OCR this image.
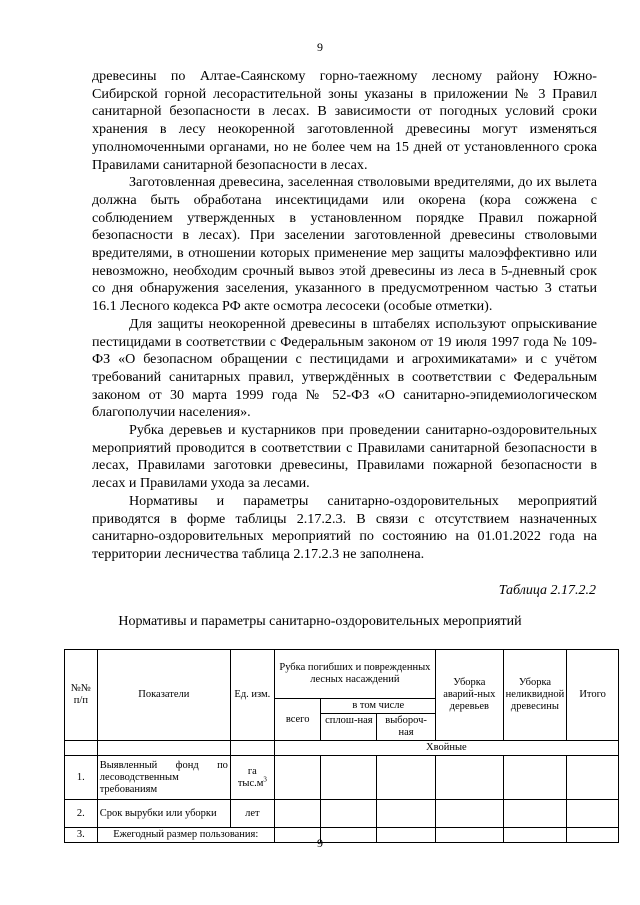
9

древесины по Алтае-Саянскому горно-таежному лесному району Южно-Сибирской горной лесорастительной зоны указаны в приложении № 3 Правил санитарной безопасности в лесах. В зависимости от погодных условий сроки хранения в лесу неокоренной заготовленной древесины могут изменяться уполномоченными органами, но не более чем на 15 дней от установленного срока Правилами санитарной безопасности в лесах.

Заготовленная древесина, заселенная стволовыми вредителями, до их вылета должна быть обработана инсектицидами или окорена (кора сожжена с соблюдением утвержденных в установленном порядке Правил пожарной безопасности в лесах). При заселении заготовленной древесины стволовыми вредителями, в отношении которых применение мер защиты малоэффективно или невозможно, необходим срочный вывоз этой древесины из леса в 5-дневный срок со дня обнаружения заселения, указанного в предусмотренном частью 3 статьи 16.1 Лесного кодекса РФ акте осмотра лесосеки (особые отметки).

Для защиты неокоренной древесины в штабелях используют опрыскивание пестицидами в соответствии с Федеральным законом от 19 июля 1997 года № 109-ФЗ «О безопасном обращении с пестицидами и агрохимикатами» и с учётом требований санитарных правил, утверждённых в соответствии с Федеральным законом от 30 марта 1999 года № 52-ФЗ «О санитарно-эпидемиологическом благополучии населения».

Рубка деревьев и кустарников при проведении санитарно-оздоровительных мероприятий проводится в соответствии с Правилами санитарной безопасности в лесах, Правилами заготовки древесины, Правилами пожарной безопасности в лесах и Правилами ухода за лесами.

Нормативы и параметры санитарно-оздоровительных мероприятий приводятся в форме таблицы 2.17.2.3. В связи с отсутствием назначенных санитарно-оздоровительных мероприятий по состоянию на 01.01.2022 года на территории лесничества таблица 2.17.2.3 не заполнена.

Таблица 2.17.2.2
Нормативы и параметры санитарно-оздоровительных мероприятий
№№ п/п	Показатели	Ед. изм.	Рубка погибших и поврежденных лесных насаждений			Уборка аварий-ных деревьев	Уборка неликвидной древесины	Итого
			всего	в том числе				
				сплош-ная	выбороч-ная			
			Хвойные					
1.	Выявленный фонд по лесоводственным требованиям	га
$тыс.м^3$						
2.	Срок вырубки или уборки	лет						
3.	Ежегодный размер пользования:							
9
